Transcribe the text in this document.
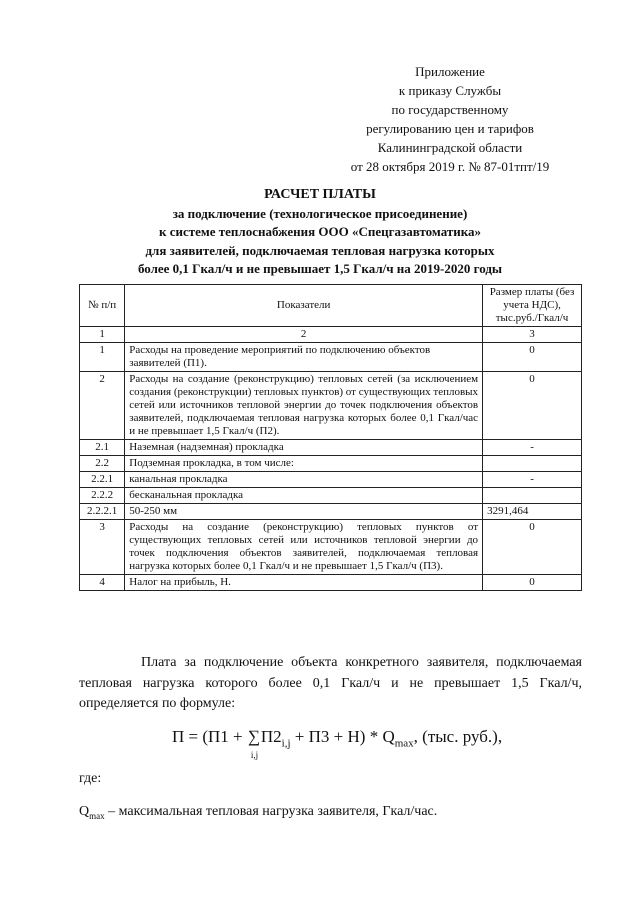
Приложение
к приказу Службы
по государственному
регулированию цен и тарифов
Калининградской области
от 28 октября 2019 г. № 87-01тпт/19
РАСЧЕТ ПЛАТЫ
за подключение (технологическое присоединение)
к системе теплоснабжения ООО «Спецгазавтоматика»
для заявителей, подключаемая тепловая нагрузка которых
более 0,1 Гкал/ч и не превышает 1,5 Гкал/ч на 2019-2020 годы
№ п/п	Показатели	Размер платы (без учета НДС), тыс.руб./Гкал/ч
1	2	3
1	Расходы на проведение мероприятий по подключению объектов заявителей (П1).	0
2	Расходы на создание (реконструкцию) тепловых сетей (за исключением создания (реконструкции) тепловых пунктов) от существующих тепловых сетей или источников тепловой энергии до точек подключения объектов заявителей, подключаемая тепловая нагрузка которых более 0,1 Гкал/час и не превышает 1,5 Гкал/ч (П2).	0
2.1	Наземная (надземная) прокладка	-
2.2	Подземная прокладка, в том числе:	
2.2.1	канальная прокладка	-
2.2.2	бесканальная прокладка	
2.2.2.1	50-250 мм	3291,464
3	Расходы на создание (реконструкцию) тепловых пунктов от существующих тепловых сетей или источников тепловой энергии до точек подключения объектов заявителей, подключаемая тепловая нагрузка которых более 0,1 Гкал/ч и не превышает 1,5 Гкал/ч (П3).	0
4	Налог на прибыль, Н.	0
Плата за подключение объекта конкретного заявителя, подключаемая тепловая нагрузка которого более 0,1 Гкал/ч и не превышает 1,5 Гкал/ч, определяется по формуле:
П = (П1 + ∑
i,j
$П2_{i,j} + П3 + Н) * Q_{max}$, (тыс. руб.),
где:
$Q_{max}$ – максимальная тепловая нагрузка заявителя, Гкал/час.
